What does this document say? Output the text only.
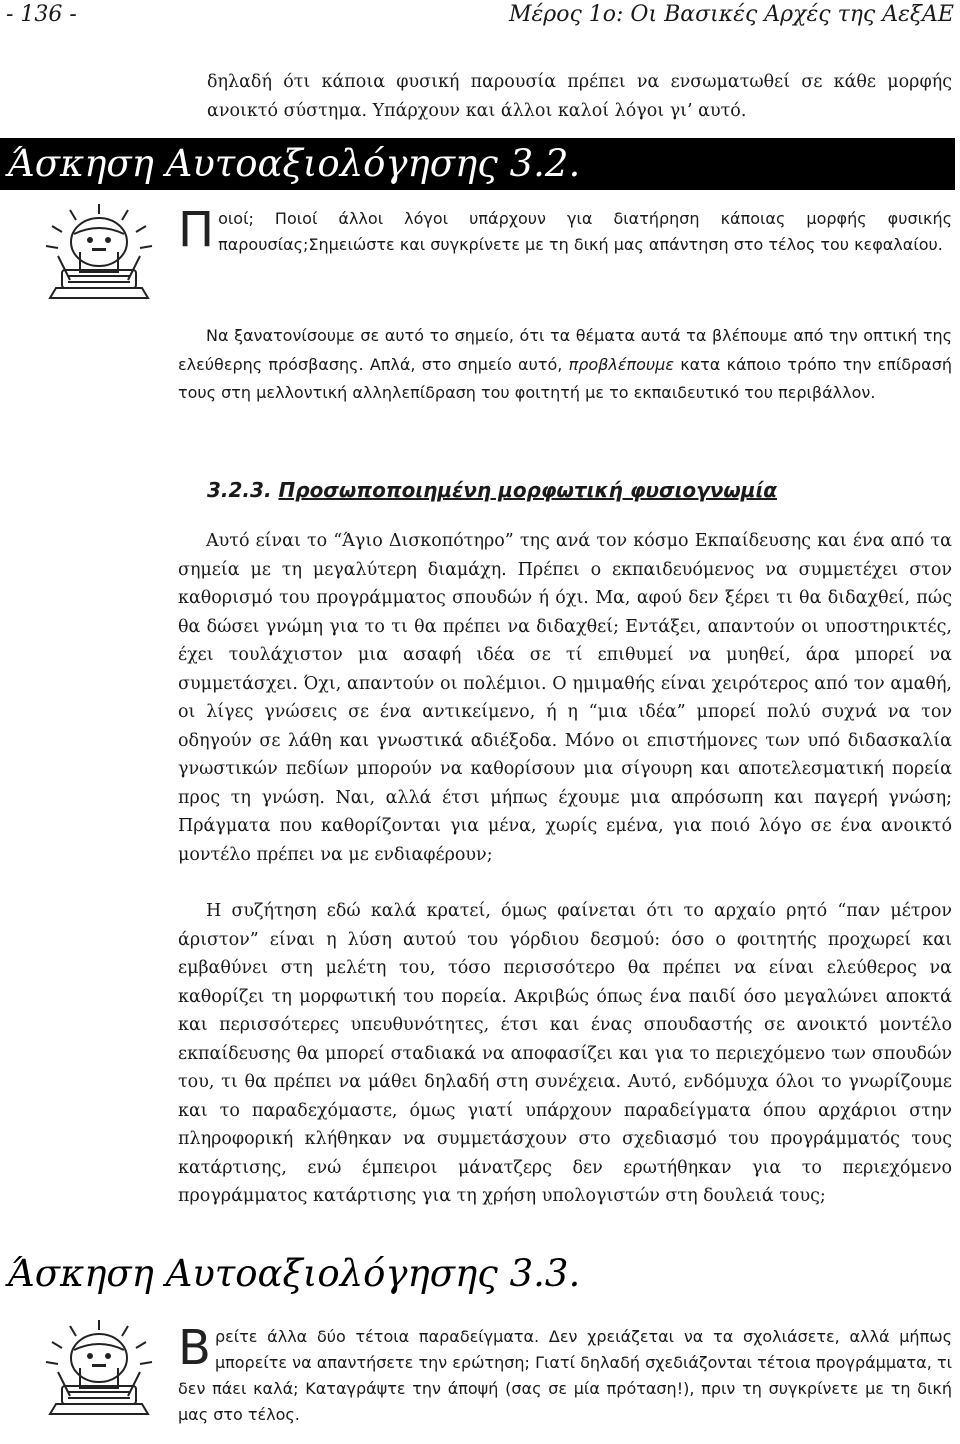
- 136 -	Μέρος 1ο: Οι Βασικές Αρχές της ΑεξΑΕ

δηλαδή ότι κάποια φυσική παρουσία πρέπει να ενσωματωθεί σε κάθε μορφής ανοικτό σύστημα. Υπάρχουν και άλλοι καλοί λόγοι γι’ αυτό.

Άσκηση Αυτοαξιολόγησης 3.2.
Π οιοί; Ποιοί άλλοι λόγοι υπάρχουν για διατήρηση κάποιας μορφής φυσικής παρουσίας;Σημειώστε και συγκρίνετε με τη δική μας απάντηση στο τέλος του κεφαλαίου.

Να ξανατονίσουμε σε αυτό το σημείο, ότι τα θέματα αυτά τα βλέπουμε από την οπτική της ελεύθερης πρόσβασης. Απλά, στο σημείο αυτό, προβλέπουμε κατα κάποιο τρόπο την επίδρασή τους στη μελλοντική αλληλεπίδραση του φοιτητή με το εκπαιδευτικό του περιβάλλον.

3.2.3. Προσωποποιημένη μορφωτική φυσιογνωμία

Αυτό είναι το “Άγιο Δισκοπότηρο” της ανά τον κόσμο Εκπαίδευσης και ένα από τα σημεία με τη μεγαλύτερη διαμάχη. Πρέπει ο εκπαιδευόμενος να συμμετέχει στον καθορισμό του προγράμματος σπουδών ή όχι. Μα, αφού δεν ξέρει τι θα διδαχθεί, πώς θα δώσει γνώμη για το τι θα πρέπει να διδαχθεί; Εντάξει, απαντούν οι υποστηρικτές, έχει τουλάχιστον μια ασαφή ιδέα σε τί επιθυμεί να μυηθεί, άρα μπορεί να συμμετάσχει. Όχι, απαντούν οι πολέμιοι. Ο ημιμαθής είναι χειρότερος από τον αμαθή, οι λίγες γνώσεις σε ένα αντικείμενο, ή η “μια ιδέα” μπορεί πολύ συχνά να τον οδηγούν σε λάθη και γνωστικά αδιέξοδα. Μόνο οι επιστήμονες των υπό διδασκαλία γνωστικών πεδίων μπορούν να καθορίσουν μια σίγουρη και αποτελεσματική πορεία προς τη γνώση. Ναι, αλλά έτσι μήπως έχουμε μια απρόσωπη και παγερή γνώση; Πράγματα που καθορίζονται για μένα, χωρίς εμένα, για ποιό λόγο σε ένα ανοικτό μοντέλο πρέπει να με ενδιαφέρουν;

Η συζήτηση εδώ καλά κρατεί, όμως φαίνεται ότι το αρχαίο ρητό “παν μέτρον άριστον” είναι η λύση αυτού του γόρδιου δεσμού: όσο ο φοιτητής προχωρεί και εμβαθύνει στη μελέτη του, τόσο περισσότερο θα πρέπει να είναι ελεύθερος να καθορίζει τη μορφωτική του πορεία. Ακριβώς όπως ένα παιδί όσο μεγαλώνει αποκτά και περισσότερες υπευθυνότητες, έτσι και ένας σπουδαστής σε ανοικτό μοντέλο εκπαίδευσης θα μπορεί σταδιακά να αποφασίζει και για το περιεχόμενο των σπουδών του, τι θα πρέπει να μάθει δηλαδή στη συνέχεια. Αυτό, ενδόμυχα όλοι το γνωρίζουμε και το παραδεχόμαστε, όμως γιατί υπάρχουν παραδείγματα όπου αρχάριοι στην πληροφορική κλήθηκαν να συμμετάσχουν στο σχεδιασμό του προγράμματός τους κατάρτισης, ενώ έμπειροι μάνατζερς δεν ερωτήθηκαν για το περιεχόμενο προγράμματος κατάρτισης για τη χρήση υπολογιστών στη δουλειά τους;

Άσκηση Αυτοαξιολόγησης 3.3.
Β ρείτε άλλα δύο τέτοια παραδείγματα. Δεν χρειάζεται να τα σχολιάσετε, αλλά μήπως μπορείτε να απαντήσετε την ερώτηση; Γιατί δηλαδή σχεδιάζονται τέτοια προγράμματα, τι δεν πάει καλά; Καταγράψτε την άποψή (σας σε μία πρόταση!), πριν τη συγκρίνετε με τη δική μας στο τέλος.
